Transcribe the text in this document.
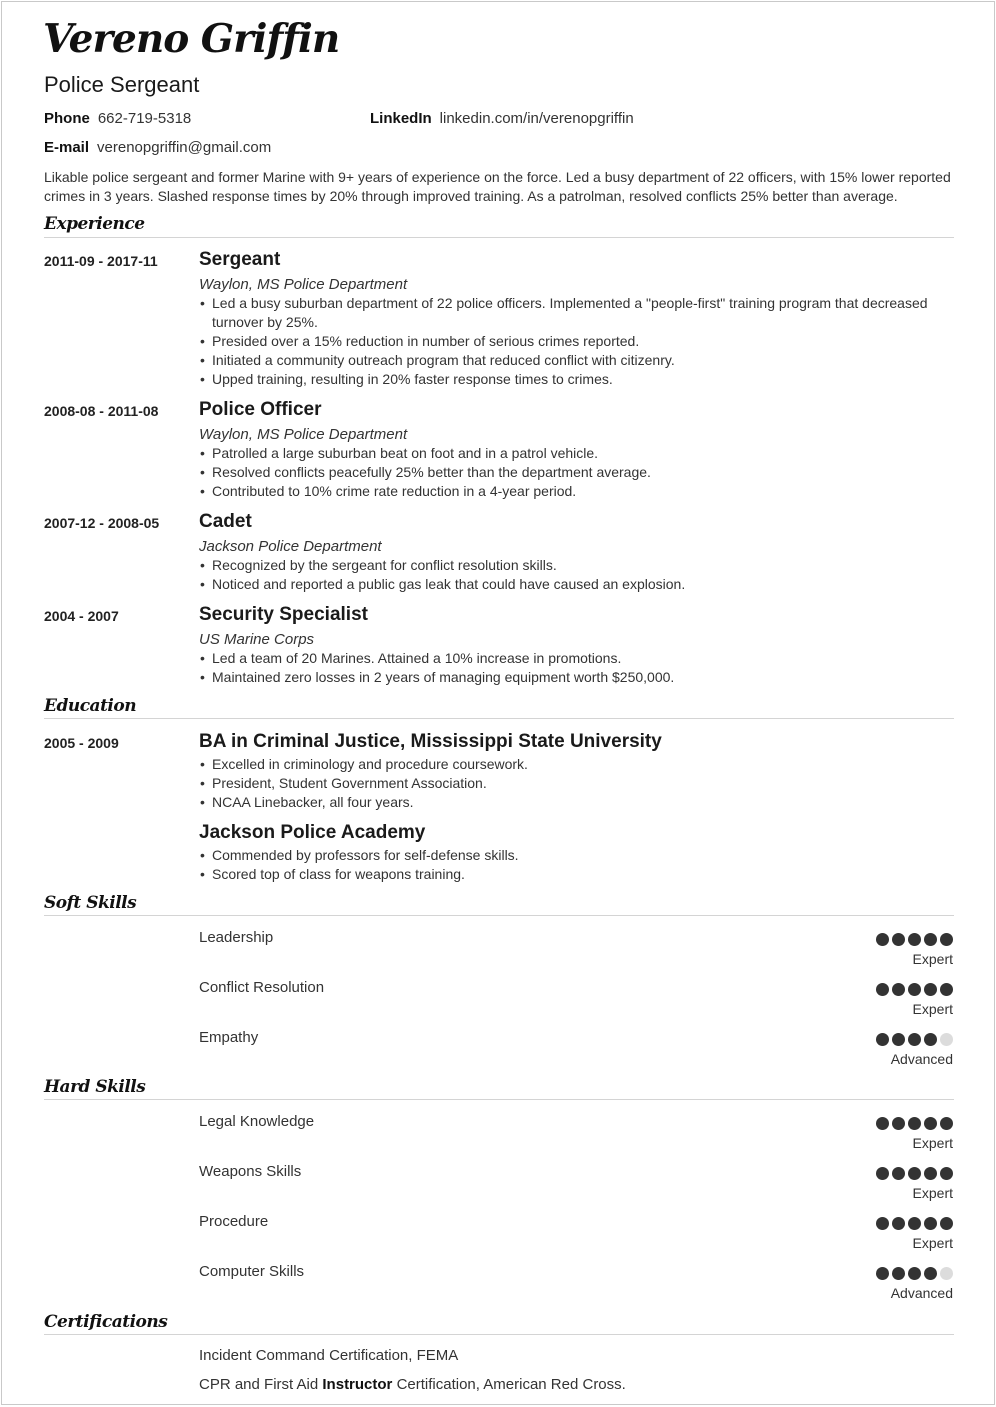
Vereno Griffin
Police Sergeant
Phone 662-719-5318	LinkedIn linkedin.com/in/verenopgriffin
E-mail verenopgriffin@gmail.com
Likable police sergeant and former Marine with 9+ years of experience on the force. Led a busy department of 22 officers, with 15% lower reported crimes in 3 years. Slashed response times by 20% through improved training. As a patrolman, resolved conflicts 25% better than average.
Experience
2011-09 - 2017-11 Sergeant
Waylon, MS Police Department
• Led a busy suburban department of 22 police officers. Implemented a "people-first" training program that decreased turnover by 25%.
• Presided over a 15% reduction in number of serious crimes reported.
• Initiated a community outreach program that reduced conflict with citizenry.
• Upped training, resulting in 20% faster response times to crimes.
2008-08 - 2011-08 Police Officer
Waylon, MS Police Department
• Patrolled a large suburban beat on foot and in a patrol vehicle.
• Resolved conflicts peacefully 25% better than the department average.
• Contributed to 10% crime rate reduction in a 4-year period.
2007-12 - 2008-05 Cadet
Jackson Police Department
• Recognized by the sergeant for conflict resolution skills.
• Noticed and reported a public gas leak that could have caused an explosion.
2004 - 2007	Security Specialist
US Marine Corps
• Led a team of 20 Marines. Attained a 10% increase in promotions.
• Maintained zero losses in 2 years of managing equipment worth $250,000.
Education
2005 - 2009	BA in Criminal Justice, Mississippi State University
• Excelled in criminology and procedure coursework.
• President, Student Government Association.
• NCAA Linebacker, all four years.
Jackson Police Academy
• Commended by professors for self-defense skills.
• Scored top of class for weapons training.
Soft Skills
Leadership
Expert
Conflict Resolution
Expert
Empathy
Advanced
Hard Skills
Legal Knowledge
Expert
Weapons Skills
Expert
Procedure
Expert
Computer Skills
Advanced
Certifications
Incident Command Certification, FEMA
CPR and First Aid Instructor Certification, American Red Cross.
